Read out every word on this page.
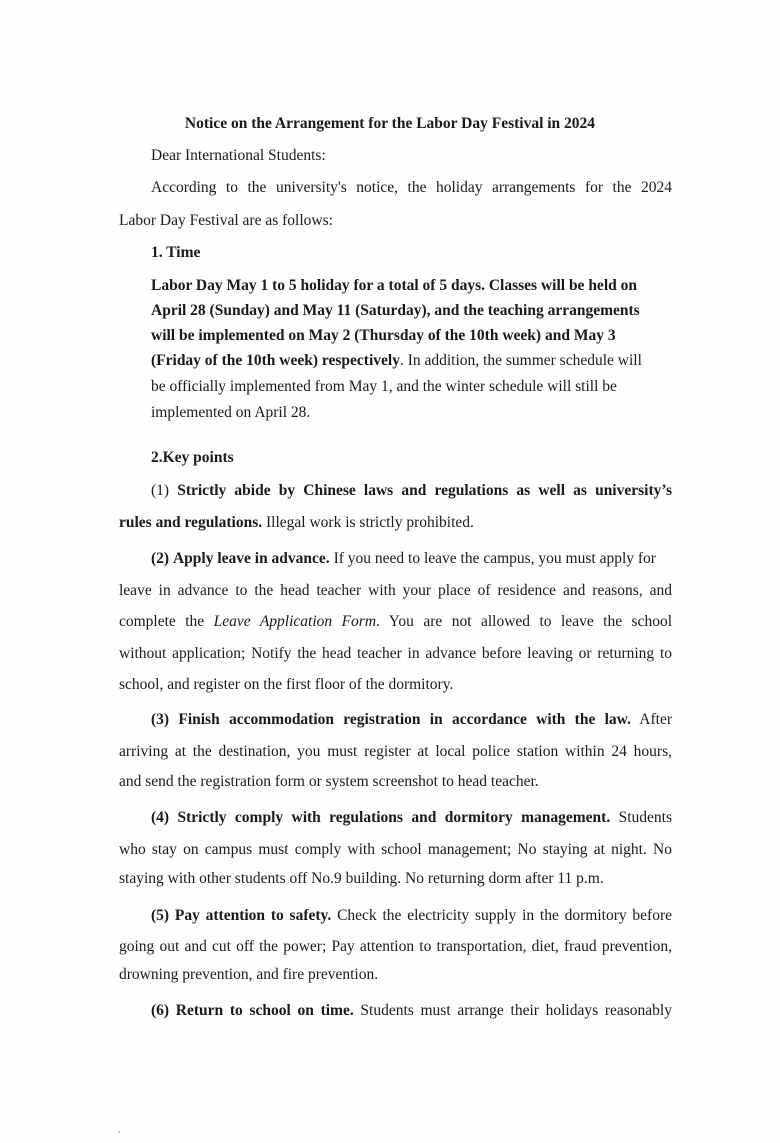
Notice on the Arrangement for the Labor Day Festival in 2024
Dear International Students:
According to the university's notice, the holiday arrangements for the 2024
Labor Day Festival are as follows:
1. Time
Labor Day May 1 to 5 holiday for a total of 5 days. Classes will be held on
April 28 (Sunday) and May 11 (Saturday), and the teaching arrangements
will be implemented on May 2 (Thursday of the 10th week) and May 3
(Friday of the 10th week) respectively. In addition, the summer schedule will
be officially implemented from May 1, and the winter schedule will still be
implemented on April 28.
2.Key points
(1) Strictly abide by Chinese laws and regulations as well as university’s
rules and regulations. Illegal work is strictly prohibited.
(2) Apply leave in advance. If you need to leave the campus, you must apply for
leave in advance to the head teacher with your place of residence and reasons, and
complete the Leave Application Form. You are not allowed to leave the school
without application; Notify the head teacher in advance before leaving or returning to
school, and register on the first floor of the dormitory.
(3) Finish accommodation registration in accordance with the law. After
arriving at the destination, you must register at local police station within 24 hours,
and send the registration form or system screenshot to head teacher.
(4) Strictly comply with regulations and dormitory management. Students
who stay on campus must comply with school management; No staying at night. No
staying with other students off No.9 building. No returning dorm after 11 p.m.
(5) Pay attention to safety. Check the electricity supply in the dormitory before
going out and cut off the power; Pay attention to transportation, diet, fraud prevention,
drowning prevention, and fire prevention.
(6) Return to school on time. Students must arrange their holidays reasonably
